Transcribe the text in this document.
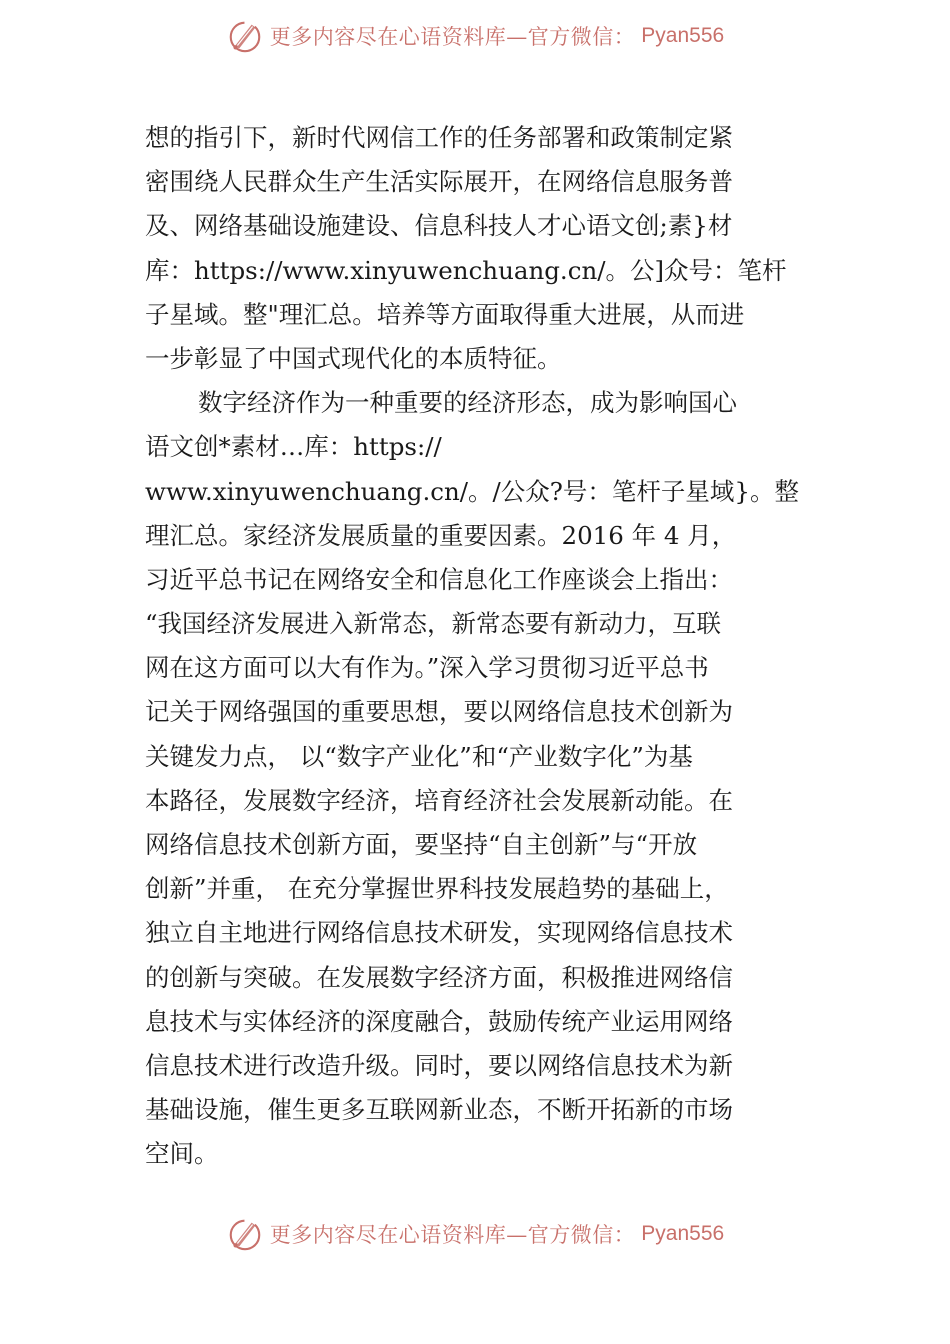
更多内容尽在心语资料库—官方微信： Pyan556
想的指引下，新时代网信工作的任务部署和政策制定紧
密围绕人民群众生产生活实际展开，在网络信息服务普
及、网络基础设施建设、信息科技人才心语文创;素}材
库：https://www.xinyuwenchuang.cn/。公]众号：笔杆
子星域。整"理汇总。培养等方面取得重大进展，从而进
一步彰显了中国式现代化的本质特征。
数字经济作为一种重要的经济形态，成为影响国心
语文创*素材…库：https://
www.xinyuwenchuang.cn/。/公众?号：笔杆子星域}。整
理汇总。家经济发展质量的重要因素。2016 年 4 月，
习近平总书记在网络安全和信息化工作座谈会上指出：
“我国经济发展进入新常态，新常态要有新动力，互联
网在这方面可以大有作为。”深入学习贯彻习近平总书
记关于网络强国的重要思想，要以网络信息技术创新为
关键发力点， 以“数字产业化”和“产业数字化”为基
本路径，发展数字经济，培育经济社会发展新动能。在
网络信息技术创新方面，要坚持“自主创新”与“开放
创新”并重， 在充分掌握世界科技发展趋势的基础上，
独立自主地进行网络信息技术研发，实现网络信息技术
的创新与突破。在发展数字经济方面，积极推进网络信
息技术与实体经济的深度融合，鼓励传统产业运用网络
信息技术进行改造升级。同时，要以网络信息技术为新
基础设施，催生更多互联网新业态，不断开拓新的市场
空间。
更多内容尽在心语资料库—官方微信： Pyan556
